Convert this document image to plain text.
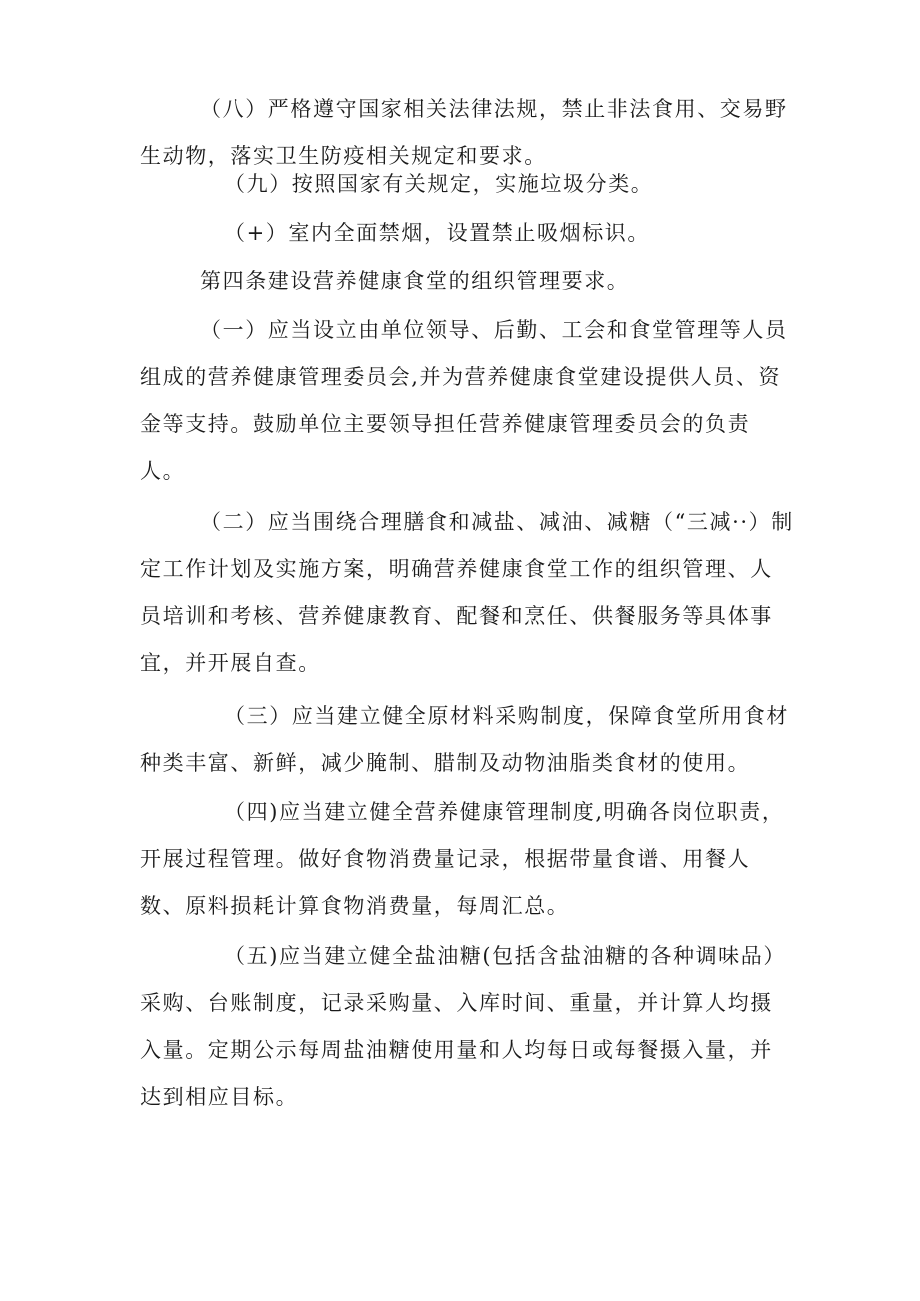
（八）严格遵守国家相关法律法规，禁止非法食用、交易野生动物，落实卫生防疫相关规定和要求。

（九）按照国家有关规定，实施垃圾分类。

（+）室内全面禁烟，设置禁止吸烟标识。

第四条建设营养健康食堂的组织管理要求。

（一）应当设立由单位领导、后勤、工会和食堂管理等人员组成的营养健康管理委员会,并为营养健康食堂建设提供人员、资金等支持。鼓励单位主要领导担任营养健康管理委员会的负责人。

（二）应当围绕合理膳食和减盐、减油、减糖（“三减··）制定工作计划及实施方案，明确营养健康食堂工作的组织管理、人员培训和考核、营养健康教育、配餐和烹任、供餐服务等具体事宜，并开展自查。

（三）应当建立健全原材料采购制度，保障食堂所用食材种类丰富、新鲜，减少腌制、腊制及动物油脂类食材的使用。

（四)应当建立健全营养健康管理制度,明确各岗位职责，开展过程管理。做好食物消费量记录，根据带量食谱、用餐人数、原料损耗计算食物消费量，每周汇总。

（五)应当建立健全盐油糖(包括含盐油糖的各种调味品）采购、台账制度，记录采购量、入库时间、重量，并计算人均摄入量。定期公示每周盐油糖使用量和人均每日或每餐摄入量，并达到相应目标。
